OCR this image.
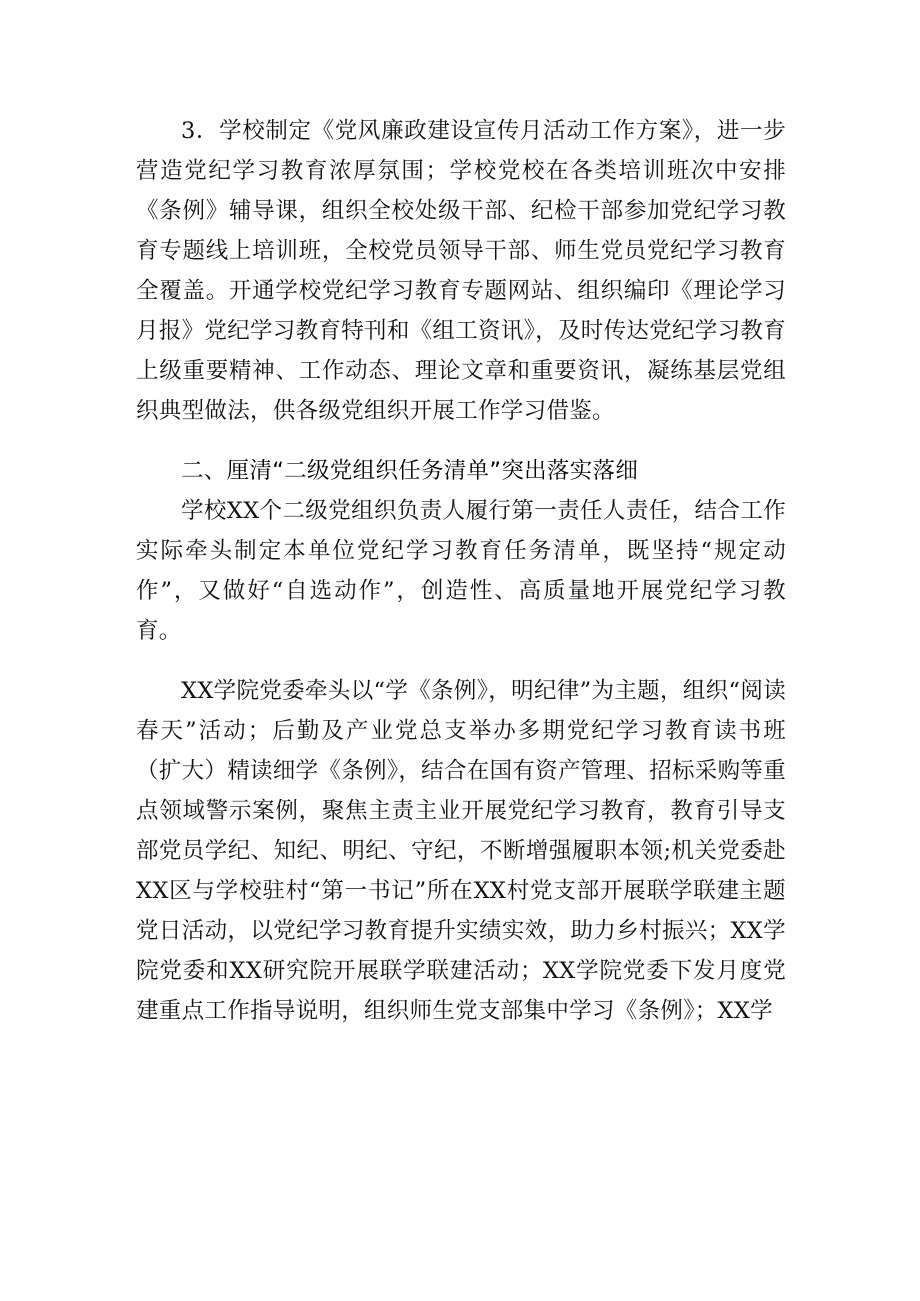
3．学校制定《党风廉政建设宣传月活动工作方案》，进一步营造党纪学习教育浓厚氛围；学校党校在各类培训班次中安排《条例》辅导课，组织全校处级干部、纪检干部参加党纪学习教育专题线上培训班，全校党员领导干部、师生党员党纪学习教育全覆盖。开通学校党纪学习教育专题网站、组织编印《理论学习月报》党纪学习教育特刊和《组工资讯》，及时传达党纪学习教育上级重要精神、工作动态、理论文章和重要资讯，凝练基层党组织典型做法，供各级党组织开展工作学习借鉴。

二、厘清“二级党组织任务清单”突出落实落细

学校XX个二级党组织负责人履行第一责任人责任，结合工作实际牵头制定本单位党纪学习教育任务清单，既坚持“规定动作”，又做好“自选动作”，创造性、高质量地开展党纪学习教育。

XX学院党委牵头以“学《条例》，明纪律”为主题，组织“阅读春天”活动；后勤及产业党总支举办多期党纪学习教育读书班（扩大）精读细学《条例》，结合在国有资产管理、招标采购等重点领域警示案例，聚焦主责主业开展党纪学习教育，教育引导支部党员学纪、知纪、明纪、守纪，不断增强履职本领;机关党委赴XX区与学校驻村“第一书记”所在XX村党支部开展联学联建主题党日活动，以党纪学习教育提升实绩实效，助力乡村振兴；XX学院党委和XX研究院开展联学联建活动；XX学院党委下发月度党建重点工作指导说明，组织师生党支部集中学习《条例》；XX学
